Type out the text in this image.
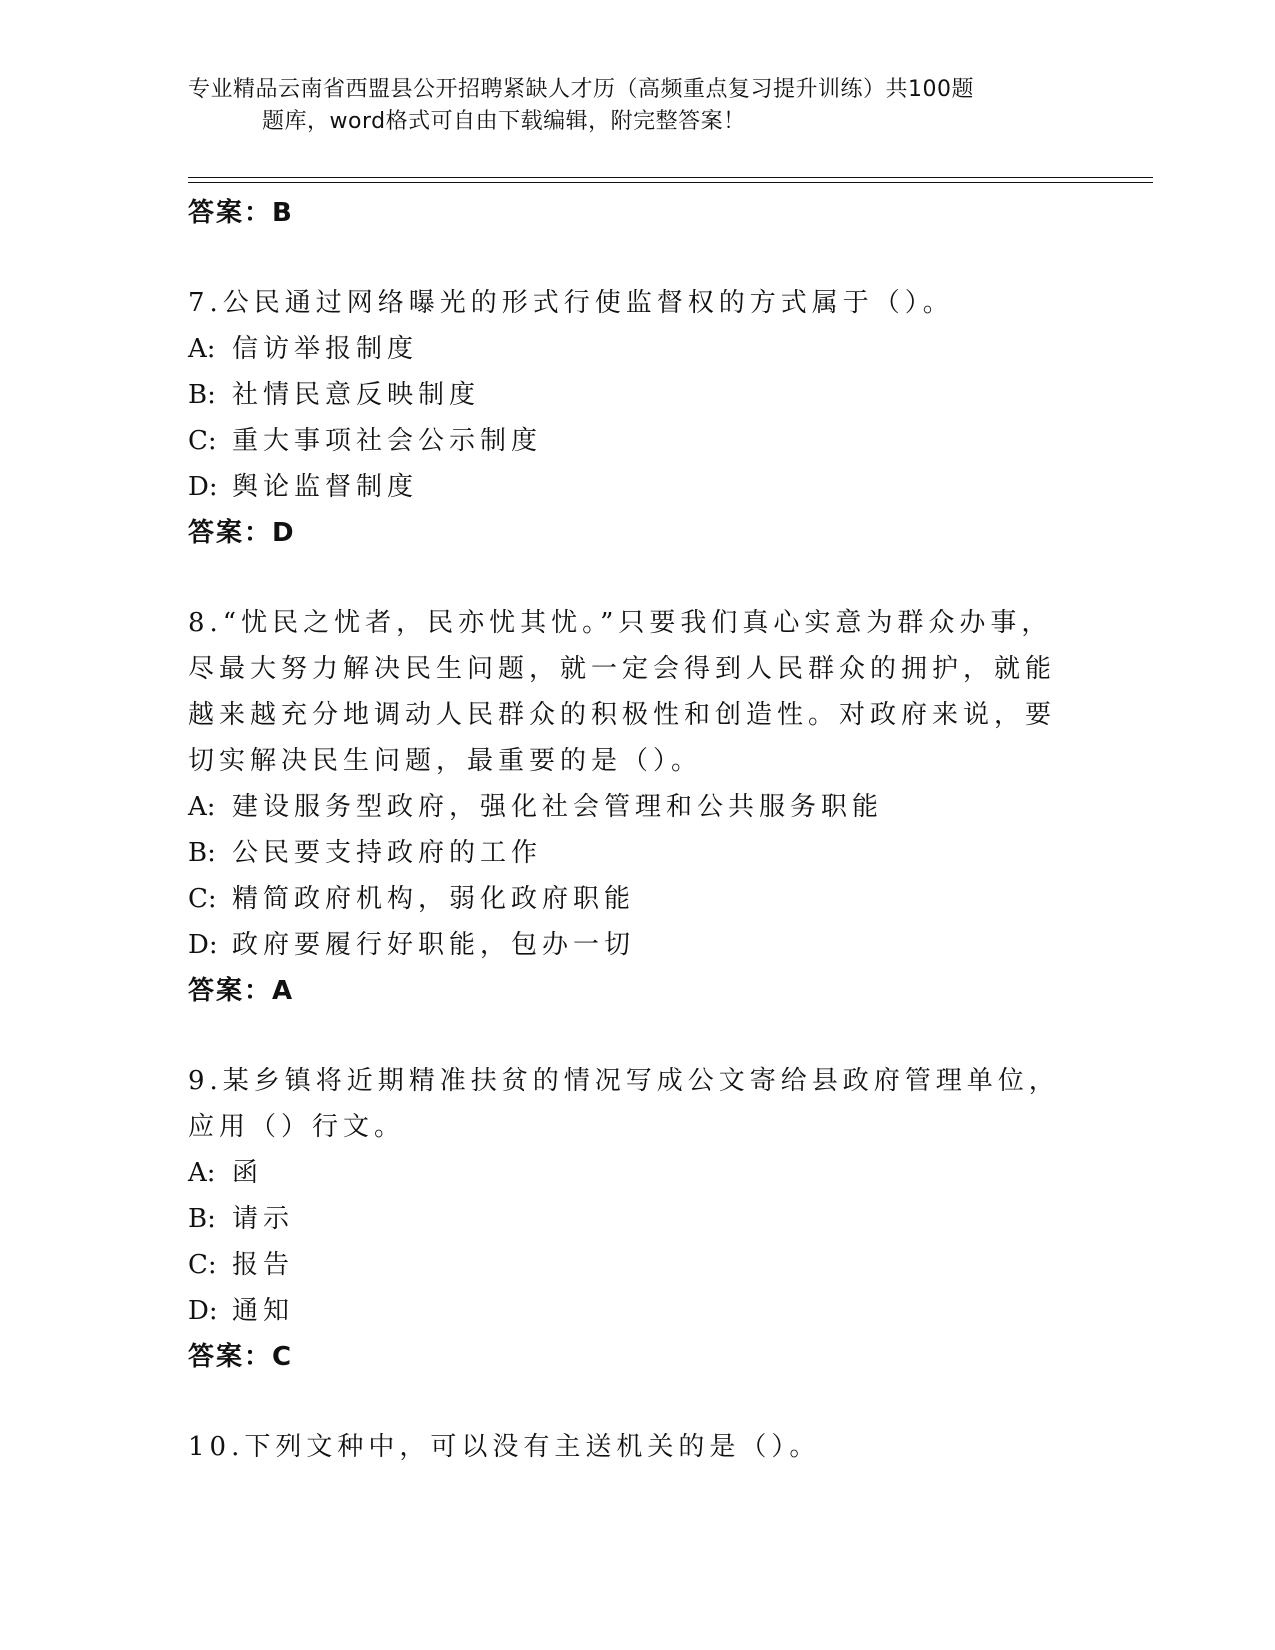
专业精品云南省西盟县公开招聘紧缺人才历（高频重点复习提升训练）共100题
题库，word格式可自由下载编辑，附完整答案！
答案：B
7.公民通过网络曝光的形式行使监督权的方式属于（）。
A: 信访举报制度
B: 社情民意反映制度
C: 重大事项社会公示制度
D: 舆论监督制度
答案：D
8.“忧民之忧者，民亦忧其忧。”只要我们真心实意为群众办事，尽最大努力解决民生问题，就一定会得到人民群众的拥护，就能越来越充分地调动人民群众的积极性和创造性。对政府来说，要切实解决民生问题，最重要的是（）。
A: 建设服务型政府，强化社会管理和公共服务职能
B: 公民要支持政府的工作
C: 精简政府机构，弱化政府职能
D: 政府要履行好职能，包办一切
答案：A
9.某乡镇将近期精准扶贫的情况写成公文寄给县政府管理单位，应用（）行文。
A: 函
B: 请示
C: 报告
D: 通知
答案：C
10.下列文种中，可以没有主送机关的是（）。
